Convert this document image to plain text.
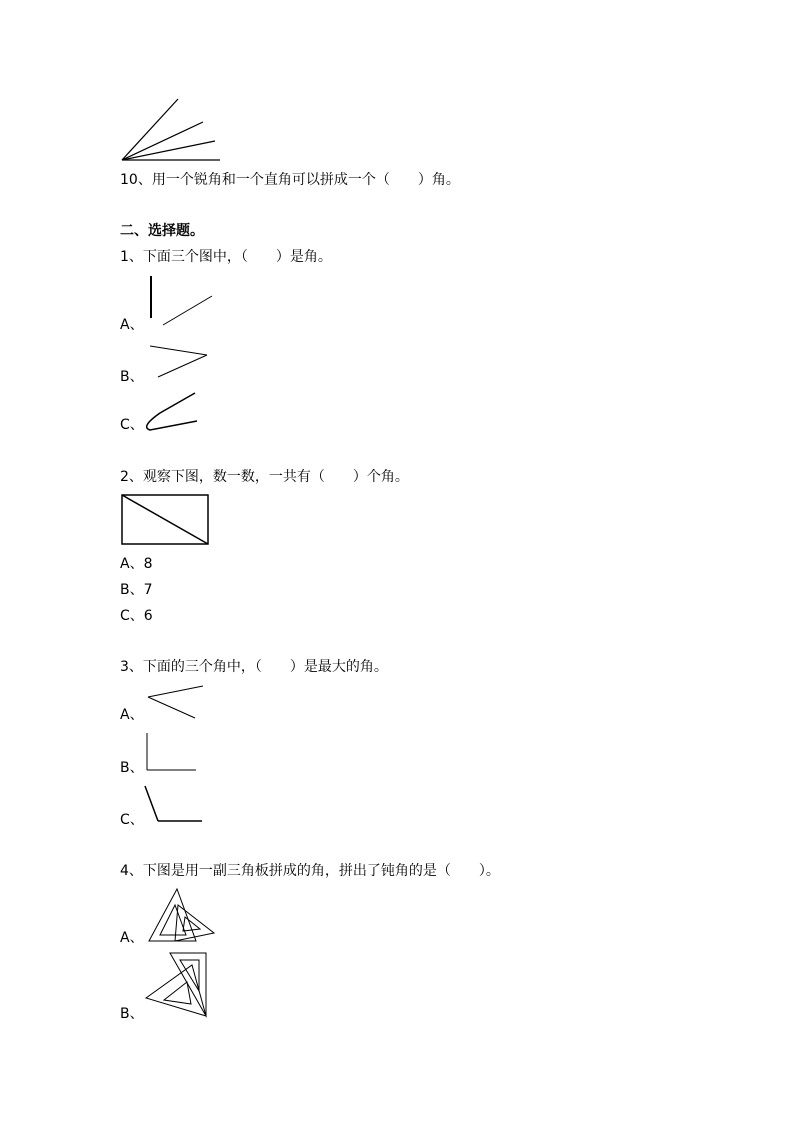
10、用一个锐角和一个直角可以拼成一个（　　）角。
二、选择题。
1、下面三个图中，（　　）是角。
A、
B、
C、
2、观察下图，数一数，一共有（　　）个角。
A、8
B、7
C、6
3、下面的三个角中，（　　）是最大的角。
A、
B、
C、
4、下图是用一副三角板拼成的角，拼出了钝角的是（　　）。
A、
B、
